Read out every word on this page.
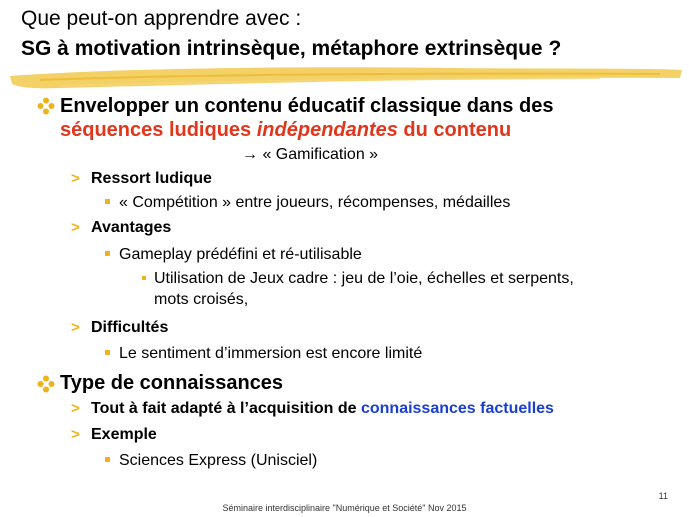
Que peut-on apprendre avec :
SG à motivation intrinsèque, métaphore extrinsèque ?
Envelopper un contenu éducatif classique dans des
séquences ludiques indépendantes du contenu
→ « Gamification »
> Ressort ludique
« Compétition » entre joueurs, récompenses, médailles
> Avantages
Gameplay prédéfini et ré-utilisable
Utilisation de Jeux cadre : jeu de l’oie, échelles et serpents,
mots croisés,
> Difficultés
Le sentiment d’immersion est encore limité
Type de connaissances
> Tout à fait adapté à l’acquisition de connaissances factuelles
> Exemple
Sciences Express (Unisciel)
11
Séminaire interdisciplinaire "Numérique et Société" Nov 2015
